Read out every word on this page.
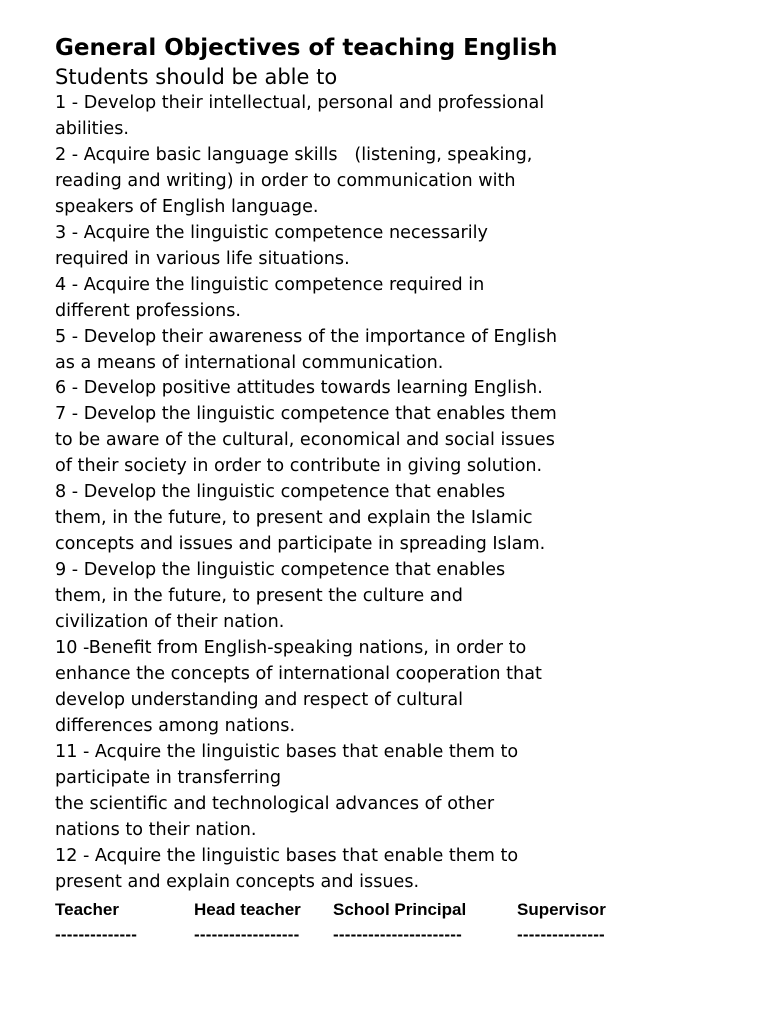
General Objectives of teaching English

Students should be able to

1 - Develop their intellectual, personal and professional

abilities.

2 - Acquire basic language skills   (listening, speaking,

reading and writing) in order to communication with

speakers of English language.

3 - Acquire the linguistic competence necessarily

required in various life situations.

4 - Acquire the linguistic competence required in

different professions.

5 - Develop their awareness of the importance of English

as a means of international communication.

6 - Develop positive attitudes towards learning English.

7 - Develop the linguistic competence that enables them

to be aware of the cultural, economical and social issues

of their society in order to contribute in giving solution.

8 - Develop the linguistic competence that enables

them, in the future, to present and explain the Islamic

concepts and issues and participate in spreading Islam.

9 - Develop the linguistic competence that enables

them, in the future, to present the culture and

civilization of their nation.

10 -Benefit from English-speaking nations, in order to

enhance the concepts of international cooperation that

develop understanding and respect of cultural

differences among nations.

11 - Acquire the linguistic bases that enable them to

participate in transferring

the scientific and technological advances of other

nations to their nation.

12 - Acquire the linguistic bases that enable them to

present and explain concepts and issues.

Teacher
--------------
Head teacher
------------------
School Principal
----------------------
Supervisor
---------------
